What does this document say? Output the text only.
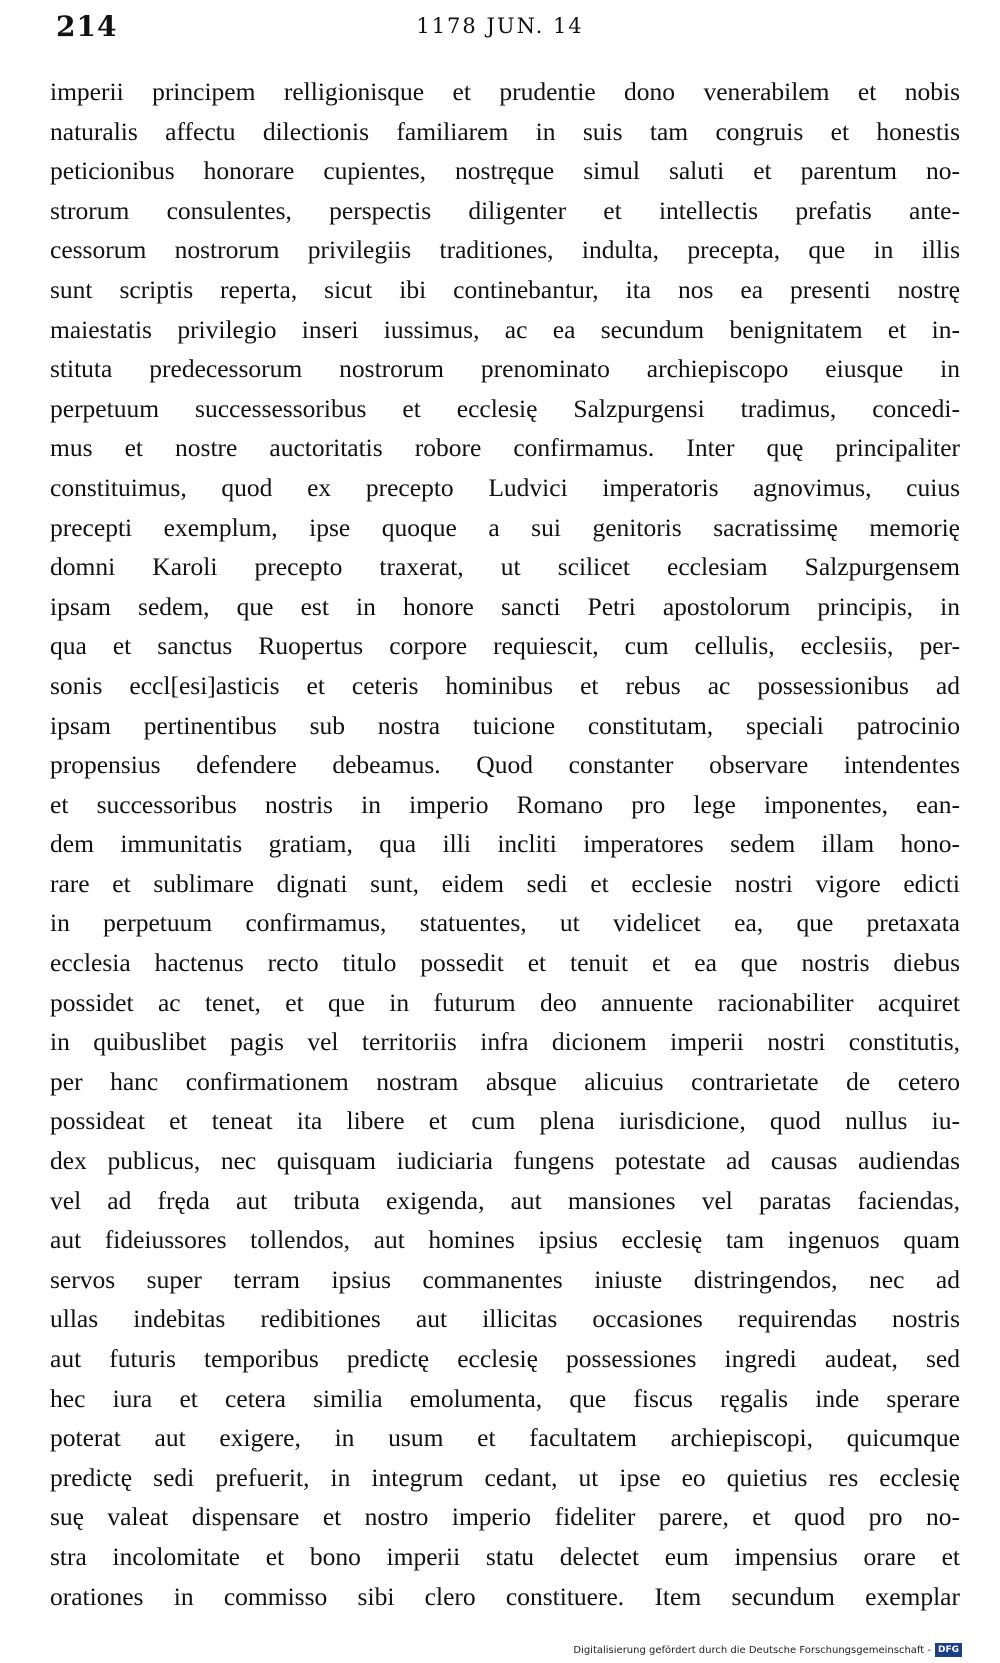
214	1178 JUN. 14
imperii principem relligionisque et prudentie dono venerabilem et nobis
naturalis affectu dilectionis familiarem in suis tam congruis et honestis
peticionibus honorare cupientes, nostręque simul saluti et parentum no-
strorum consulentes, perspectis diligenter et intellectis prefatis ante-
cessorum nostrorum privilegiis traditiones, indulta, precepta, que in illis
sunt scriptis reperta, sicut ibi continebantur, ita nos ea presenti nostrę
maiestatis privilegio inseri iussimus, ac ea secundum benignitatem et in-
stituta predecessorum nostrorum prenominato archiepiscopo eiusque in
perpetuum successessoribus et ecclesię Salzpurgensi tradimus, concedi-
mus et nostre auctoritatis robore confirmamus. Inter quę principaliter
constituimus, quod ex precepto Ludvici imperatoris agnovimus, cuius
precepti exemplum, ipse quoque a sui genitoris sacratissimę memorię
domni Karoli precepto traxerat, ut scilicet ecclesiam Salzpurgensem
ipsam sedem, que est in honore sancti Petri apostolorum principis, in
qua et sanctus Ruopertus corpore requiescit, cum cellulis, ecclesiis, per-
sonis eccl[esi]asticis et ceteris hominibus et rebus ac possessionibus ad
ipsam pertinentibus sub nostra tuicione constitutam, speciali patrocinio
propensius defendere debeamus. Quod constanter observare intendentes
et successoribus nostris in imperio Romano pro lege imponentes, ean-
dem immunitatis gratiam, qua illi incliti imperatores sedem illam hono-
rare et sublimare dignati sunt, eidem sedi et ecclesie nostri vigore edicti
in perpetuum confirmamus, statuentes, ut videlicet ea, que pretaxata
ecclesia hactenus recto titulo possedit et tenuit et ea que nostris diebus
possidet ac tenet, et que in futurum deo annuente racionabiliter acquiret
in quibuslibet pagis vel territoriis infra dicionem imperii nostri constitutis,
per hanc confirmationem nostram absque alicuius contrarietate de cetero
possideat et teneat ita libere et cum plena iurisdicione, quod nullus iu-
dex publicus, nec quisquam iudiciaria fungens potestate ad causas audiendas
vel ad fręda aut tributa exigenda, aut mansiones vel paratas faciendas,
aut fideiussores tollendos, aut homines ipsius ecclesię tam ingenuos quam
servos super terram ipsius commanentes iniuste distringendos, nec ad
ullas indebitas redibitiones aut illicitas occasiones requirendas nostris
aut futuris temporibus predictę ecclesię possessiones ingredi audeat, sed
hec iura et cetera similia emolumenta, que fiscus ręgalis inde sperare
poterat aut exigere, in usum et facultatem archiepiscopi, quicumque
predictę sedi prefuerit, in integrum cedant, ut ipse eo quietius res ecclesię
suę valeat dispensare et nostro imperio fideliter parere, et quod pro no-
stra incolomitate et bono imperii statu delectet eum impensius orare et
orationes in commisso sibi clero constituere. Item secundum exemplar
Digitalisierung gefördert durch die Deutsche Forschungsgemeinschaft - DFG
